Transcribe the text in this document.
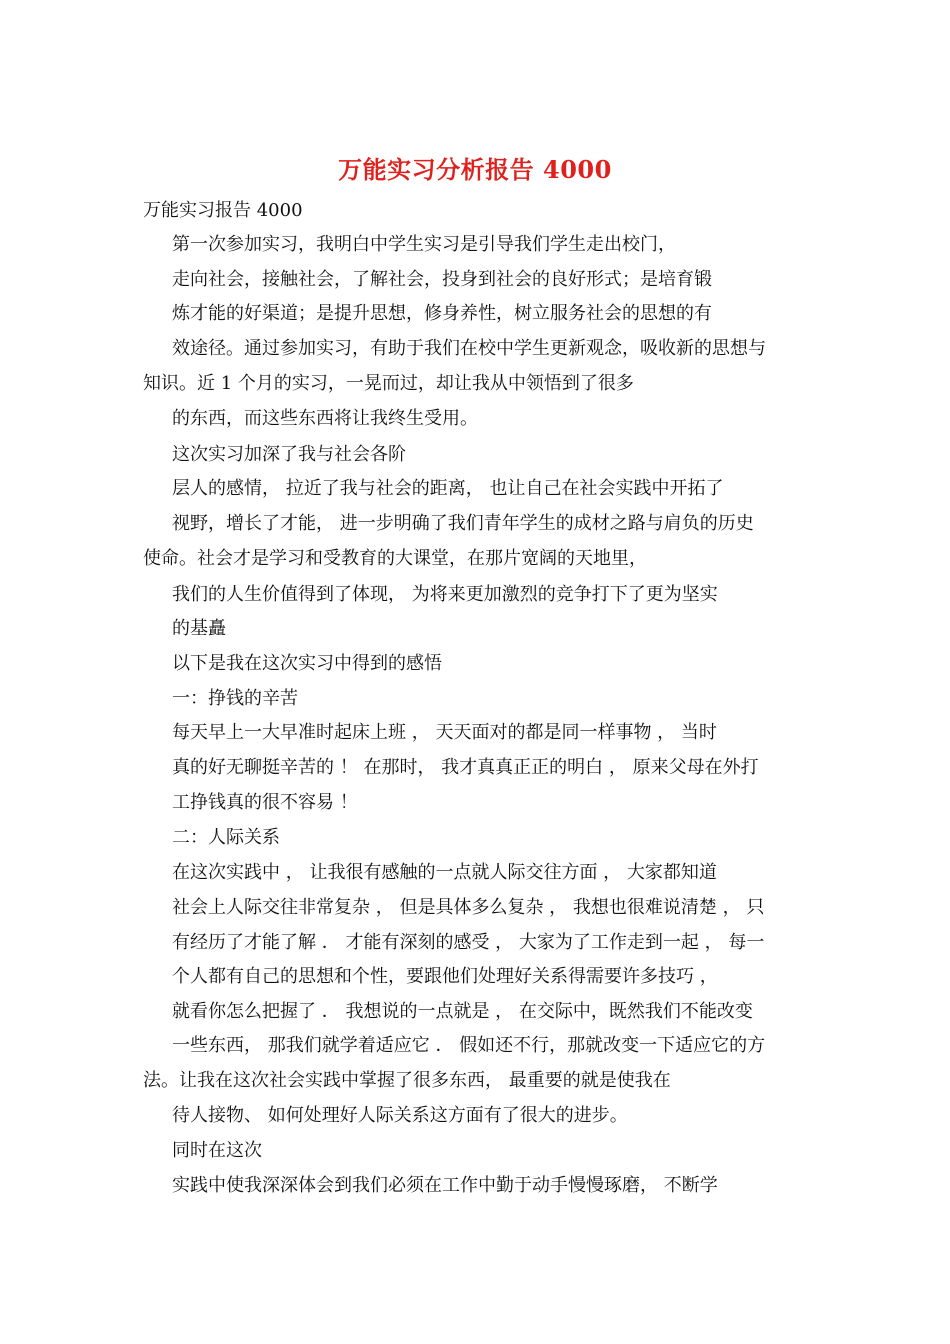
万能实习分析报告 4000
万能实习报告 4000
第一次参加实习，我明白中学生实习是引导我们学生走出校门，
走向社会，接触社会，了解社会，投身到社会的良好形式；是培育锻
炼才能的好渠道；是提升思想，修身养性，树立服务社会的思想的有
效途径。通过参加实习，有助于我们在校中学生更新观念，吸收新的思想与
知识。近 1 个月的实习，一晃而过，却让我从中领悟到了很多
的东西，而这些东西将让我终生受用。
这次实习加深了我与社会各阶
层人的感情， 拉近了我与社会的距离， 也让自己在社会实践中开拓了
视野，增长了才能， 进一步明确了我们青年学生的成材之路与肩负的历史
使命。社会才是学习和受教育的大课堂，在那片宽阔的天地里，
我们的人生价值得到了体现， 为将来更加激烈的竞争打下了更为坚实
的基矗
以下是我在这次实习中得到的感悟
一：挣钱的辛苦
每天早上一大早准时起床上班 ， 天天面对的都是同一样事物 ， 当时
真的好无聊挺辛苦的 ！ 在那时， 我才真真正正的明白 ， 原来父母在外打
工挣钱真的很不容易 ！
二：人际关系
在这次实践中 ， 让我很有感触的一点就人际交往方面 ， 大家都知道
社会上人际交往非常复杂 ， 但是具体多么复杂 ， 我想也很难说清楚 ， 只
有经历了才能了解 ． 才能有深刻的感受 ， 大家为了工作走到一起 ， 每一
个人都有自己的思想和个性，要跟他们处理好关系得需要许多技巧 ，
就看你怎么把握了 ． 我想说的一点就是 ， 在交际中，既然我们不能改变
一些东西， 那我们就学着适应它 ． 假如还不行，那就改变一下适应它的方
法。让我在这次社会实践中掌握了很多东西， 最重要的就是使我在
待人接物、 如何处理好人际关系这方面有了很大的进步。
同时在这次
实践中使我深深体会到我们必须在工作中勤于动手慢慢琢磨， 不断学
